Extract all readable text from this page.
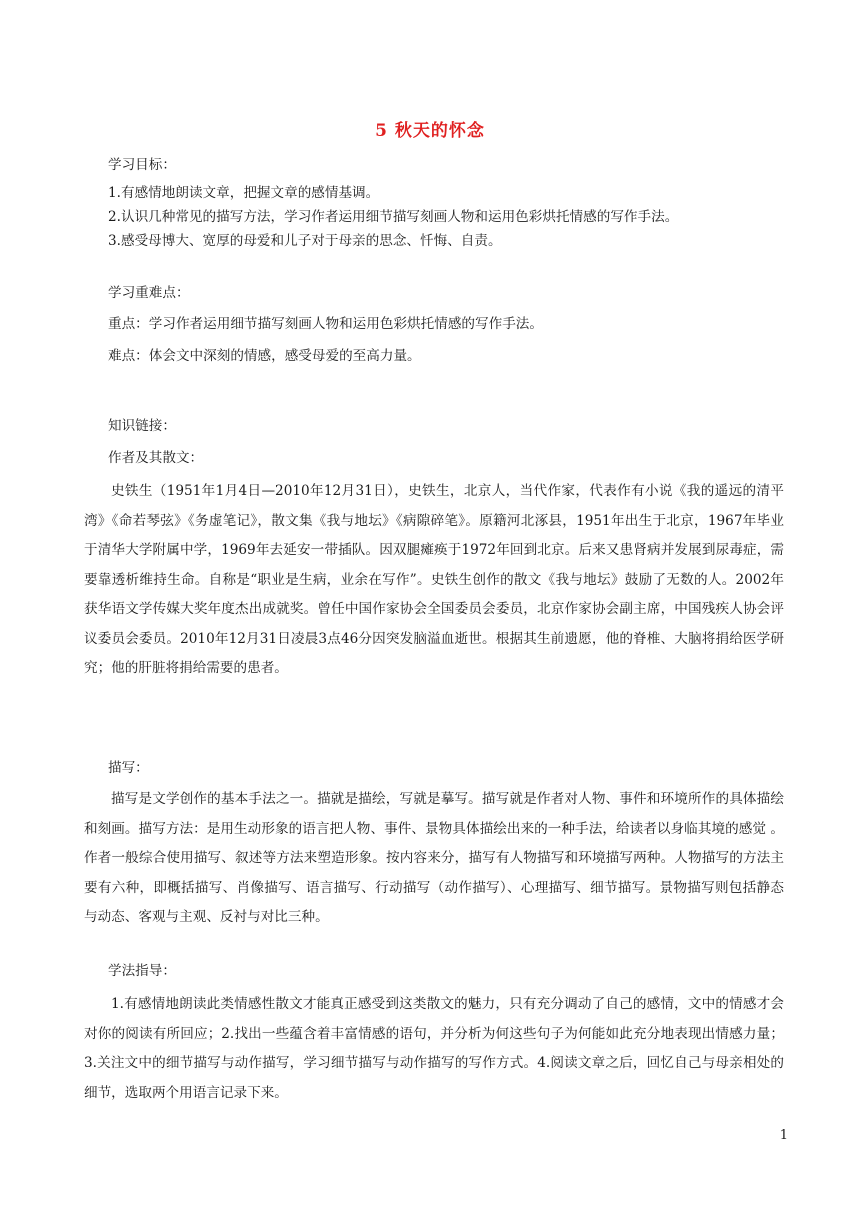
5 秋天的怀念
学习目标：
1.有感情地朗读文章，把握文章的感情基调。
2.认识几种常见的描写方法，学习作者运用细节描写刻画人物和运用色彩烘托情感的写作手法。
3.感受母博大、宽厚的母爱和儿子对于母亲的思念、忏悔、自责。
学习重难点：
重点：学习作者运用细节描写刻画人物和运用色彩烘托情感的写作手法。
难点：体会文中深刻的情感，感受母爱的至高力量。
知识链接：
作者及其散文：
史铁生（1951年1月4日—2010年12月31日），史铁生，北京人，当代作家，代表作有小说《我的遥远的清平湾》《命若琴弦》《务虚笔记》，散文集《我与地坛》《病隙碎笔》。原籍河北涿县，1951年出生于北京，1967年毕业于清华大学附属中学，1969年去延安一带插队。因双腿瘫痪于1972年回到北京。后来又患肾病并发展到尿毒症，需要靠透析维持生命。自称是“职业是生病，业余在写作”。史铁生创作的散文《我与地坛》鼓励了无数的人。2002年获华语文学传媒大奖年度杰出成就奖。曾任中国作家协会全国委员会委员，北京作家协会副主席，中国残疾人协会评议委员会委员。2010年12月31日凌晨3点46分因突发脑溢血逝世。根据其生前遗愿，他的脊椎、大脑将捐给医学研究；他的肝脏将捐给需要的患者。
描写：
描写是文学创作的基本手法之一。描就是描绘，写就是摹写。描写就是作者对人物、事件和环境所作的具体描绘和刻画。描写方法：是用生动形象的语言把人物、事件、景物具体描绘出来的一种手法，给读者以身临其境的感觉 。作者一般综合使用描写、叙述等方法来塑造形象。按内容来分，描写有人物描写和环境描写两种。人物描写的方法主要有六种，即概括描写、肖像描写、语言描写、行动描写（动作描写）、心理描写、细节描写。景物描写则包括静态与动态、客观与主观、反衬与对比三种。
学法指导：
1.有感情地朗读此类情感性散文才能真正感受到这类散文的魅力，只有充分调动了自己的感情，文中的情感才会对你的阅读有所回应；2.找出一些蕴含着丰富情感的语句，并分析为何这些句子为何能如此充分地表现出情感力量；3.关注文中的细节描写与动作描写，学习细节描写与动作描写的写作方式。4.阅读文章之后，回忆自己与母亲相处的细节，选取两个用语言记录下来。
1
